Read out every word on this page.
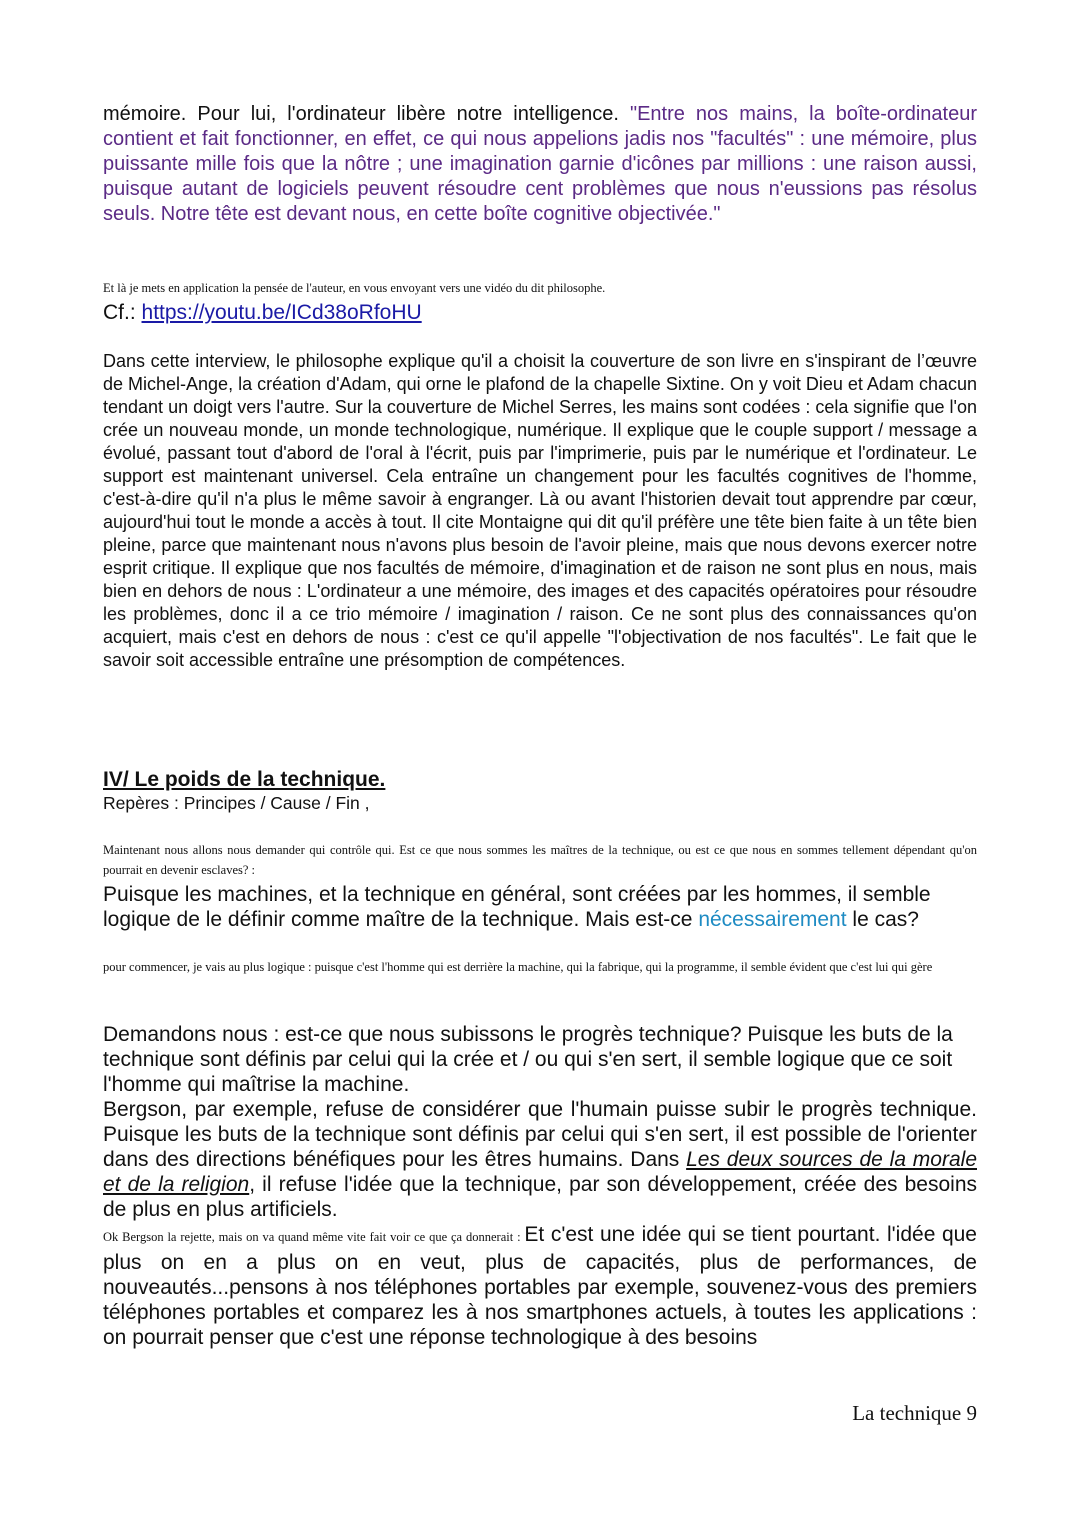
mémoire. Pour lui, l'ordinateur libère notre intelligence. "Entre nos mains, la boîte-ordinateur contient et fait fonctionner, en effet, ce qui nous appelions jadis nos "facultés" : une mémoire, plus puissante mille fois que la nôtre ; une imagination garnie d'icônes par millions : une raison aussi, puisque autant de logiciels peuvent résoudre cent problèmes que nous n'eussions pas résolus seuls. Notre tête est devant nous, en cette boîte cognitive objectivée."

Et là je mets en application la pensée de l'auteur, en vous envoyant vers une vidéo du dit philosophe.

Cf.: https://youtu.be/ICd38oRfoHU

Dans cette interview, le philosophe explique qu'il a choisit la couverture de son livre en s'inspirant de l’œuvre de Michel-Ange, la création d'Adam, qui orne le plafond de la chapelle Sixtine. On y voit Dieu et Adam chacun tendant un doigt vers l'autre. Sur la couverture de Michel Serres, les mains sont codées : cela signifie que l'on crée un nouveau monde, un monde technologique, numérique. Il explique que le couple support / message a évolué, passant tout d'abord de l'oral à l'écrit, puis par l'imprimerie, puis par le numérique et l'ordinateur. Le support est maintenant universel. Cela entraîne un changement pour les facultés cognitives de l'homme, c'est-à-dire qu'il n'a plus le même savoir à engranger. Là ou avant l'historien devait tout apprendre par cœur, aujourd'hui tout le monde a accès à tout. Il cite Montaigne qui dit qu'il préfère une tête bien faite à un tête bien pleine, parce que maintenant nous n'avons plus besoin de l'avoir pleine, mais que nous devons exercer notre esprit critique. Il explique que nos facultés de mémoire, d'imagination et de raison ne sont plus en nous, mais bien en dehors de nous : L'ordinateur a une mémoire, des images et des capacités opératoires pour résoudre les problèmes, donc il a ce trio mémoire / imagination / raison. Ce ne sont plus des connaissances qu'on acquiert, mais c'est en dehors de nous : c'est ce qu'il appelle "l'objectivation de nos facultés". Le fait que le savoir soit accessible entraîne une présomption de compétences.

IV/ Le poids de la technique.

Repères : Principes / Cause / Fin ,

Maintenant nous allons nous demander qui contrôle qui. Est ce que nous sommes les maîtres de la technique, ou est ce que nous en sommes tellement dépendant qu'on pourrait en devenir esclaves? :

Puisque les machines, et la technique en général, sont créées par les hommes, il semble logique de le définir comme maître de la technique. Mais est-ce nécessairement le cas?

pour commencer, je vais au plus logique : puisque c'est l'homme qui est derrière la machine, qui la fabrique, qui la programme, il semble évident que c'est lui qui gère

Demandons nous : est-ce que nous subissons le progrès technique? Puisque les buts de la technique sont définis par celui qui la crée et / ou qui s'en sert, il semble logique que ce soit l'homme qui maîtrise la machine.

Bergson, par exemple, refuse de considérer que l'humain puisse subir le progrès technique. Puisque les buts de la technique sont définis par celui qui s'en sert, il est possible de l'orienter dans des directions bénéfiques pour les êtres humains. Dans Les deux sources de la morale et de la religion, il refuse l'idée que la technique, par son développement, créée des besoins de plus en plus artificiels.

Ok Bergson la rejette, mais on va quand même vite fait voir ce que ça donnerait : Et c'est une idée qui se tient pourtant. l'idée que plus on en a plus on en veut, plus de capacités, plus de performances, de nouveautés...pensons à nos téléphones portables par exemple, souvenez-vous des premiers téléphones portables et comparez les à nos smartphones actuels, à toutes les applications : on pourrait penser que c'est une réponse technologique à des besoins

La technique 9
